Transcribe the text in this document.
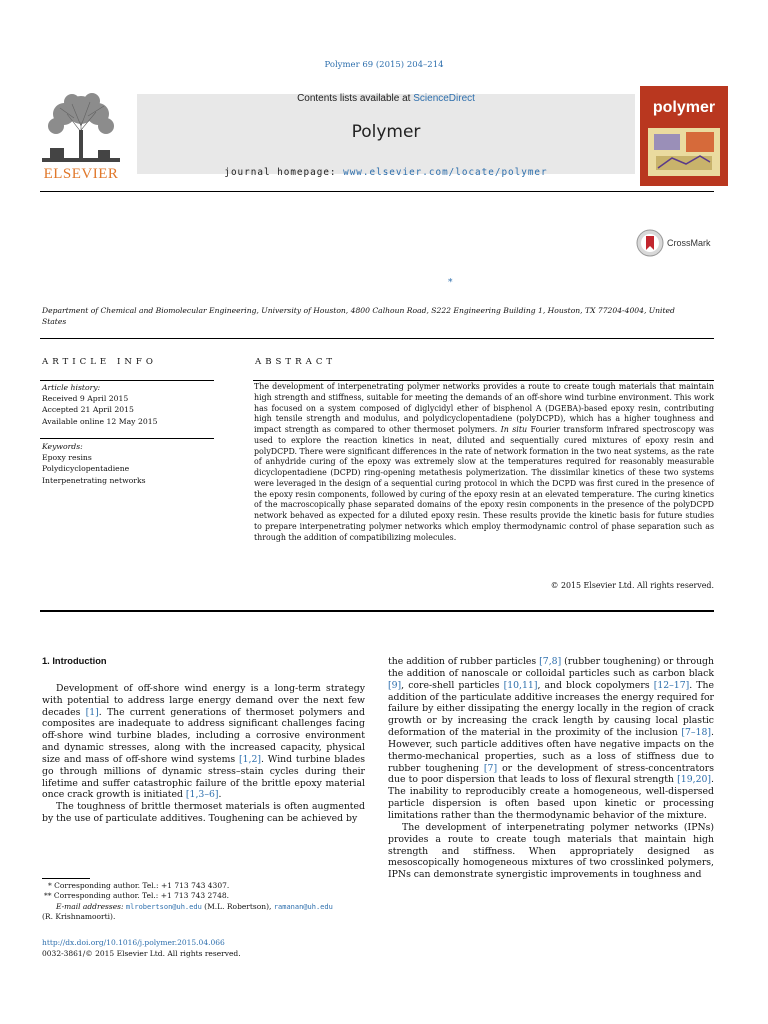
Polymer 69 (2015) 204–214
ELSEVIER
Contents lists available at ScienceDirect
Polymer
journal homepage: www.elsevier.com/locate/polymer
polymer
CrossMark
*
Department of Chemical and Biomolecular Engineering, University of Houston, 4800 Calhoun Road, S222 Engineering Building 1, Houston, TX 77204-4004, United States
ARTICLE INFO	ABSTRACT
Article history:
Received 9 April 2015
Accepted 21 April 2015
Available online 12 May 2015
Keywords:
Epoxy resins
Polydicyclopentadiene
Interpenetrating networks
The development of interpenetrating polymer networks provides a route to create tough materials that maintain high strength and stiffness, suitable for meeting the demands of an off-shore wind turbine environment. This work has focused on a system composed of diglycidyl ether of bisphenol A (DGEBA)-based epoxy resin, contributing high tensile strength and modulus, and polydicyclopentadiene (polyDCPD), which has a higher toughness and impact strength as compared to other thermoset polymers. In situ Fourier transform infrared spectroscopy was used to explore the reaction kinetics in neat, diluted and sequentially cured mixtures of epoxy resin and polyDCPD. There were significant differences in the rate of network formation in the two neat systems, as the rate of anhydride curing of the epoxy was extremely slow at the temperatures required for reasonably measurable dicyclopentadiene (DCPD) ring-opening metathesis polymerization. The dissimilar kinetics of these two systems were leveraged in the design of a sequential curing protocol in which the DCPD was first cured in the presence of the epoxy resin components, followed by curing of the epoxy resin at an elevated temperature. The curing kinetics of the macroscopically phase separated domains of the epoxy resin components in the presence of the polyDCPD network behaved as expected for a diluted epoxy resin. These results provide the kinetic basis for future studies to prepare interpenetrating polymer networks which employ thermodynamic control of phase separation such as through the addition of compatibilizing molecules.
© 2015 Elsevier Ltd. All rights reserved.
1. Introduction

Development of off-shore wind energy is a long-term strategy with potential to address large energy demand over the next few decades [1]. The current generations of thermoset polymers and composites are inadequate to address significant challenges facing off-shore wind turbine blades, including a corrosive environment and dynamic stresses, along with the increased capacity, physical size and mass of off-shore wind systems [1,2]. Wind turbine blades go through millions of dynamic stress–stain cycles during their lifetime and suffer catastrophic failure of the brittle epoxy material once crack growth is initiated [1,3–6].

The toughness of brittle thermoset materials is often augmented by the use of particulate additives. Toughening can be achieved by

* Corresponding author. Tel.: +1 713 743 4307.
** Corresponding author. Tel.: +1 713 743 2748.
E-mail addresses: mlrobertson@uh.edu (M.L. Robertson), ramanan@uh.edu
(R. Krishnamoorti).
http://dx.doi.org/10.1016/j.polymer.2015.04.066
0032-3861/© 2015 Elsevier Ltd. All rights reserved.

the addition of rubber particles [7,8] (rubber toughening) or through the addition of nanoscale or colloidal particles such as carbon black [9], core-shell particles [10,11], and block copolymers [12–17]. The addition of the particulate additive increases the energy required for failure by either dissipating the energy locally in the region of crack growth or by increasing the crack length by causing local plastic deformation of the material in the proximity of the inclusion [7–18]. However, such particle additives often have negative impacts on the thermo-mechanical properties, such as a loss of stiffness due to rubber toughening [7] or the development of stress-concentrators due to poor dispersion that leads to loss of flexural strength [19,20]. The inability to reproducibly create a homogeneous, well-dispersed particle dispersion is often based upon kinetic or processing limitations rather than the thermodynamic behavior of the mixture.

The development of interpenetrating polymer networks (IPNs) provides a route to create tough materials that maintain high strength and stiffness. When appropriately designed as mesoscopically homogeneous mixtures of two crosslinked polymers, IPNs can demonstrate synergistic improvements in toughness and
